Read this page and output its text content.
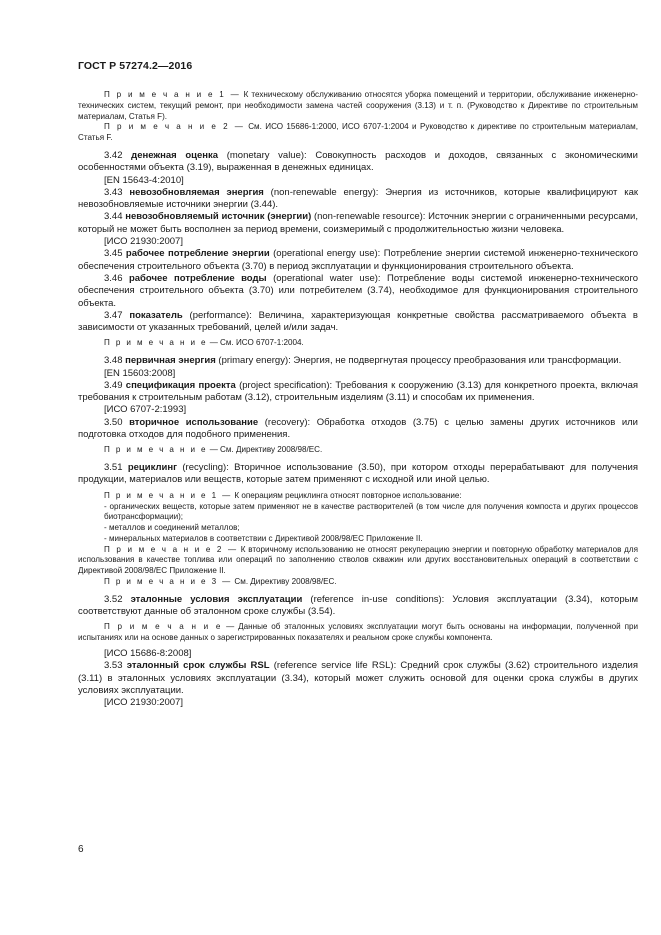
ГОСТ Р 57274.2—2016

П р и м е ч а н и е 1 — К техническому обслуживанию относятся уборка помещений и территории, обслуживание инженерно-технических систем, текущий ремонт, при необходимости замена частей сооружения (3.13) и т. п. (Руководство к Директиве по строительным материалам, Статья F).

П р и м е ч а н и е 2 — См. ИСО 15686-1:2000, ИСО 6707-1:2004 и Руководство к директиве по строительным материалам, Статья F.

3.42 денежная оценка (monetary value): Совокупность расходов и доходов, связанных с экономическими особенностями объекта (3.19), выраженная в денежных единицах.

[EN 15643-4:2010]

3.43 невозобновляемая энергия (non-renewable energy): Энергия из источников, которые квалифицируют как невозобновляемые источники энергии (3.44).

3.44 невозобновляемый источник (энергии) (non-renewable resource): Источник энергии с ограниченными ресурсами, который не может быть восполнен за период времени, соизмеримый с продолжительностью жизни человека.

[ИСО 21930:2007]

3.45 рабочее потребление энергии (operational energy use): Потребление энергии системой инженерно-технического обеспечения строительного объекта (3.70) в период эксплуатации и функционирования строительного объекта.

3.46 рабочее потребление воды (operational water use): Потребление воды системой инженерно-технического обеспечения строительного объекта (3.70) или потребителем (3.74), необходимое для функционирования строительного объекта.

3.47 показатель (performance): Величина, характеризующая конкретные свойства рассматриваемого объекта в зависимости от указанных требований, целей и/или задач.

П р и м е ч а н и е — См. ИСО 6707-1:2004.

3.48 первичная энергия (primary energy): Энергия, не подвергнутая процессу преобразования или трансформации.

[EN 15603:2008]

3.49 спецификация проекта (project specification): Требования к сооружению (3.13) для конкретного проекта, включая требования к строительным работам (3.12), строительным изделиям (3.11) и способам их применения.

[ИСО 6707-2:1993]

3.50 вторичное использование (recovery): Обработка отходов (3.75) с целью замены других источников или подготовка отходов для подобного применения.

П р и м е ч а н и е — См. Директиву 2008/98/EC.

3.51 рециклинг (recycling): Вторичное использование (3.50), при котором отходы перерабатывают для получения продукции, материалов или веществ, которые затем применяют с исходной или иной целью.

П р и м е ч а н и е 1 — К операциям рециклинга относят повторное использование:

- органических веществ, которые затем применяют не в качестве растворителей (в том числе для получения компоста и других процессов биотрансформации);

- металлов и соединений металлов;

- минеральных материалов в соответствии с Директивой 2008/98/EC Приложение II.

П р и м е ч а н и е 2 — К вторичному использованию не относят рекуперацию энергии и повторную обработку материалов для использования в качестве топлива или операций по заполнению стволов скважин или других восстановительных операций в соответствии с Директивой 2008/98/EC Приложение II.

П р и м е ч а н и е 3 — См. Директиву 2008/98/EC.

3.52 эталонные условия эксплуатации (reference in-use conditions): Условия эксплуатации (3.34), которым соответствуют данные об эталонном сроке службы (3.54).

П р и м е ч а н и е — Данные об эталонных условиях эксплуатации могут быть основаны на информации, полученной при испытаниях или на основе данных о зарегистрированных показателях и реальном сроке службы компонента.

[ИСО 15686-8:2008]

3.53 эталонный срок службы RSL (reference service life RSL): Средний срок службы (3.62) строительного изделия (3.11) в эталонных условиях эксплуатации (3.34), который может служить основой для оценки срока службы в других условиях эксплуатации.

[ИСО 21930:2007]

6
